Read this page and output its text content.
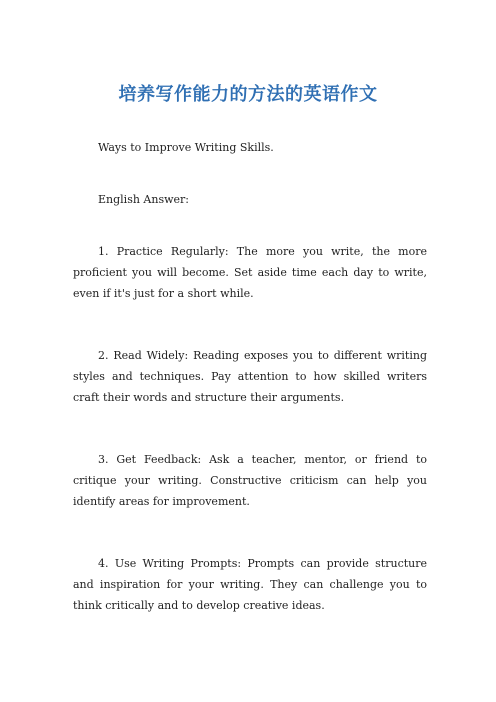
培养写作能力的方法的英语作文

Ways to Improve Writing Skills.

English Answer:

1. Practice Regularly: The more you write, the more proficient you will become. Set aside time each day to write, even if it's just for a short while.

2. Read Widely: Reading exposes you to different writing styles and techniques. Pay attention to how skilled writers craft their words and structure their arguments.

3. Get Feedback: Ask a teacher, mentor, or friend to critique your writing. Constructive criticism can help you identify areas for improvement.

4. Use Writing Prompts: Prompts can provide structure and inspiration for your writing. They can challenge you to think critically and to develop creative ideas.
